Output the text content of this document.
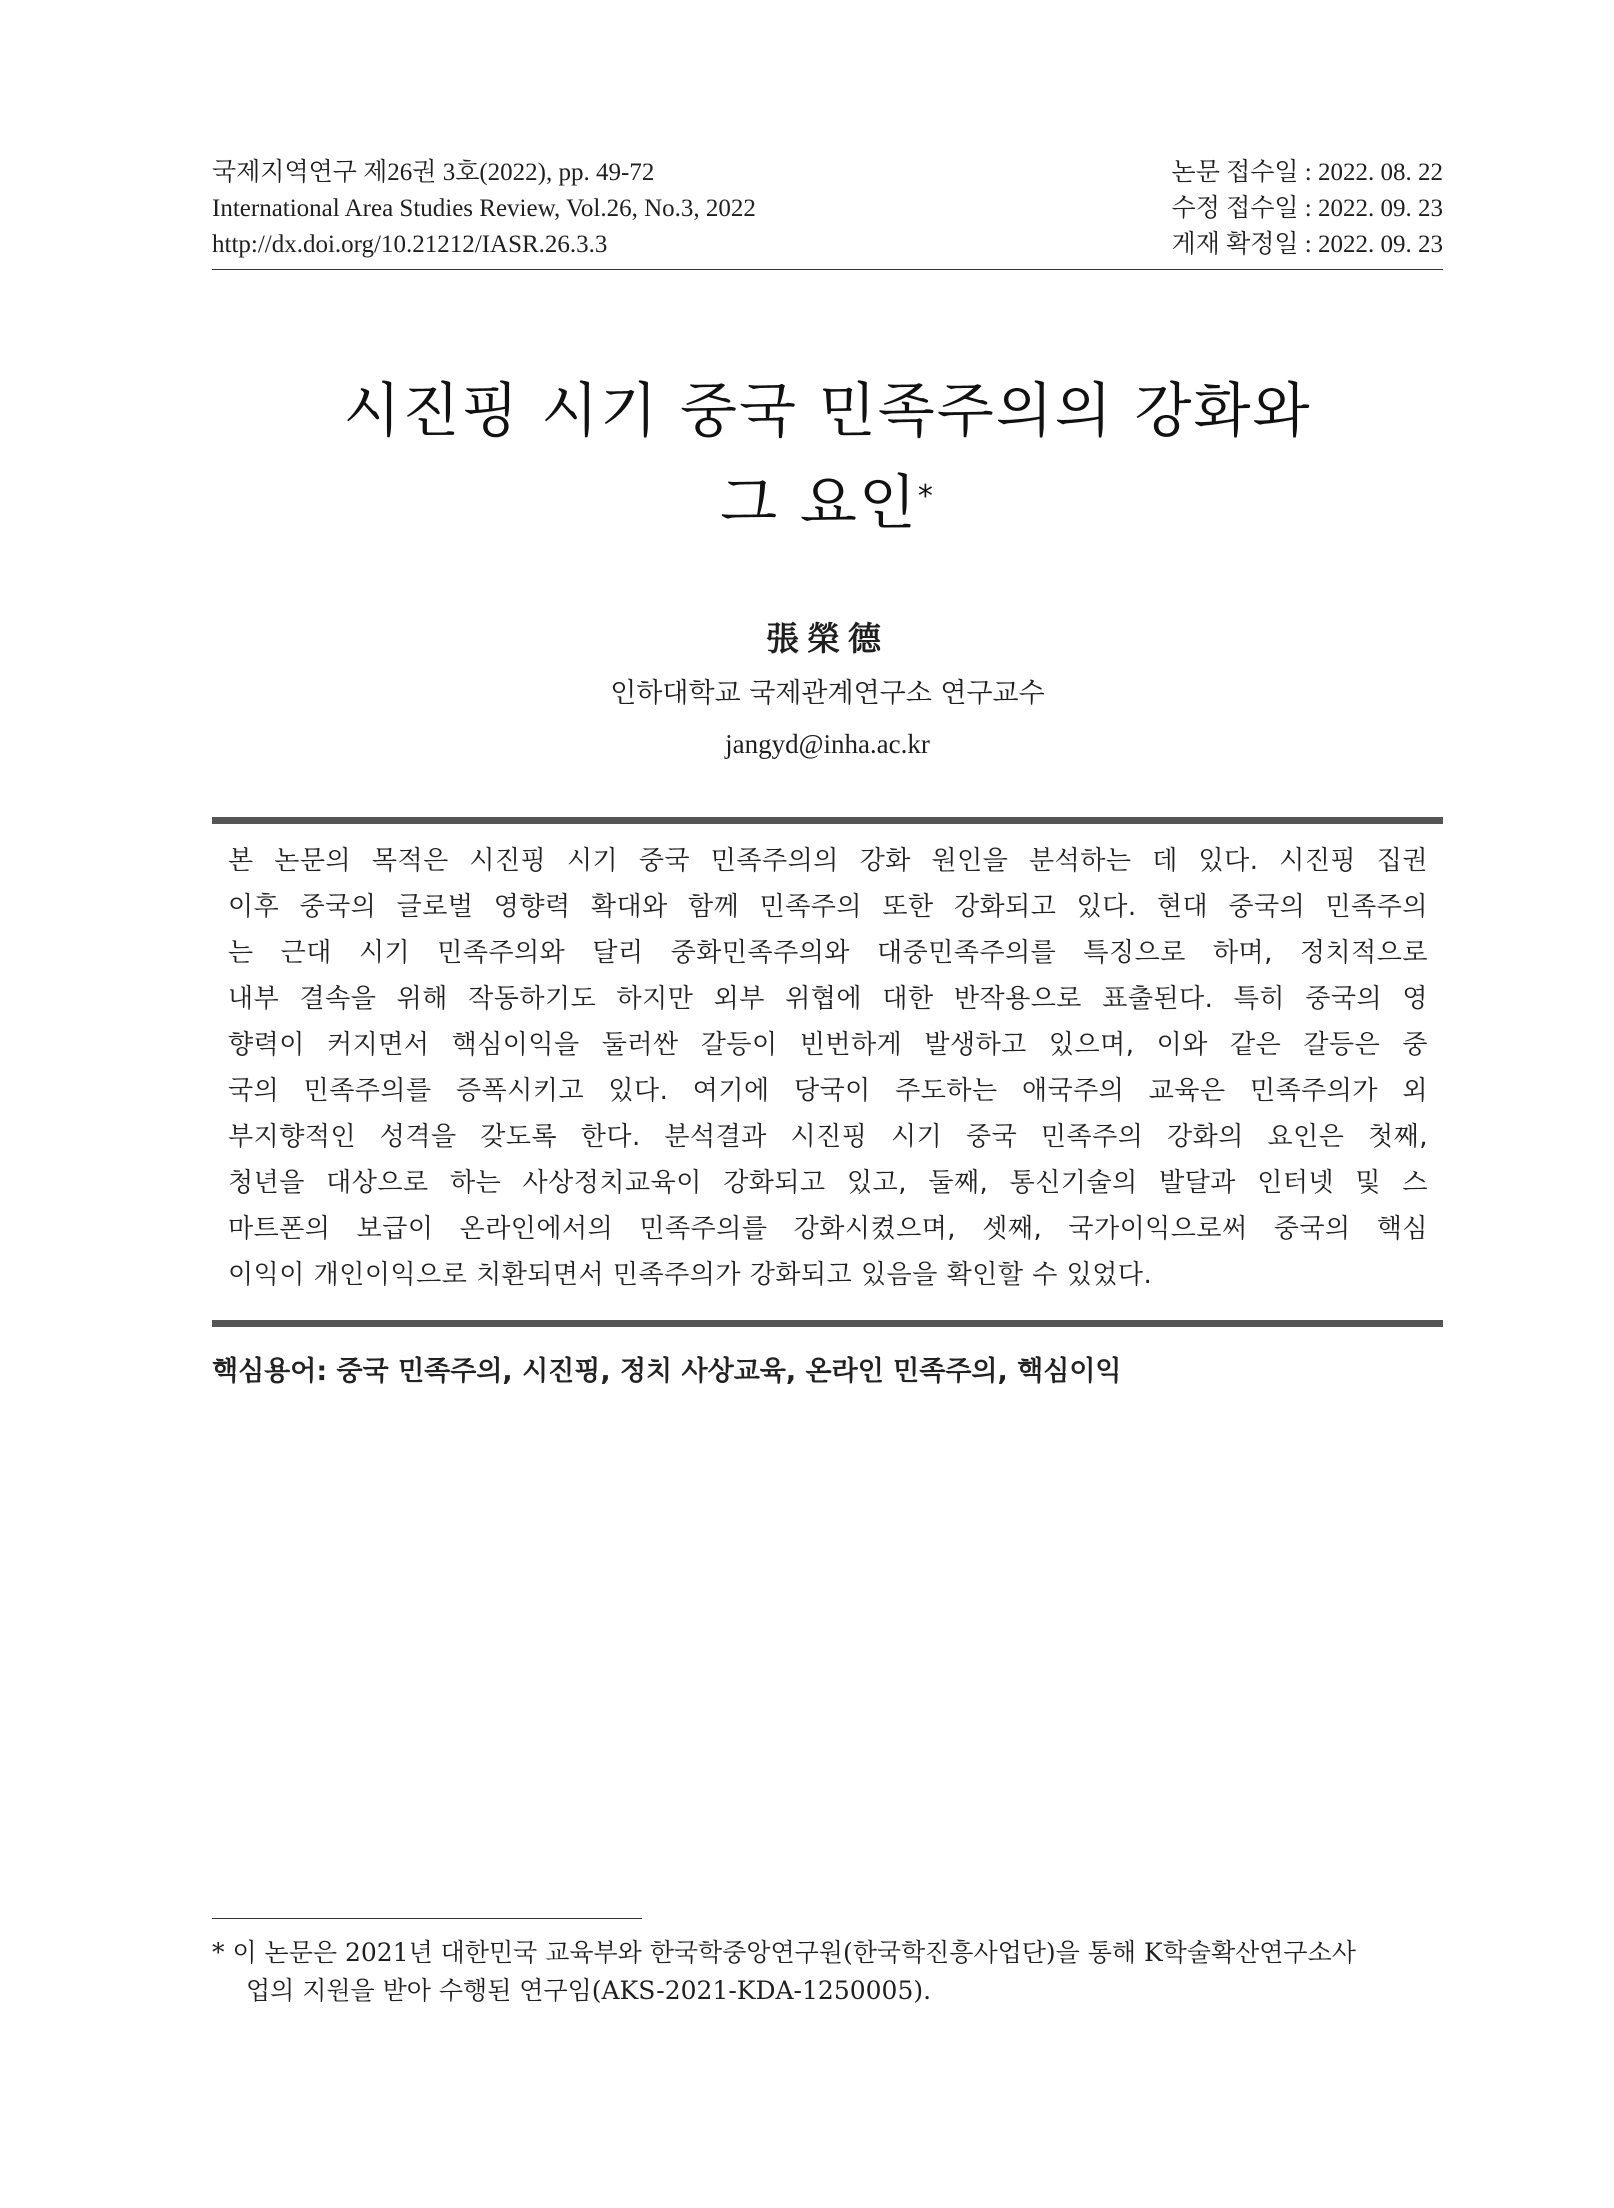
국제지역연구 제26권 3호(2022), pp. 49-72
International Area Studies Review, Vol.26, No.3, 2022
http://dx.doi.org/10.21212/IASR.26.3.3
논문 접수일 : 2022. 08. 22
수정 접수일 : 2022. 09. 23
게재 확정일 : 2022. 09. 23
시진핑 시기 중국 민족주의의 강화와
그 요인*
張榮德
인하대학교 국제관계연구소 연구교수
jangyd@inha.ac.kr
본 논문의 목적은 시진핑 시기 중국 민족주의의 강화 원인을 분석하는 데 있다. 시진핑 집권
이후 중국의 글로벌 영향력 확대와 함께 민족주의 또한 강화되고 있다. 현대 중국의 민족주의
는 근대 시기 민족주의와 달리 중화민족주의와 대중민족주의를 특징으로 하며, 정치적으로
내부 결속을 위해 작동하기도 하지만 외부 위협에 대한 반작용으로 표출된다. 특히 중국의 영
향력이 커지면서 핵심이익을 둘러싼 갈등이 빈번하게 발생하고 있으며, 이와 같은 갈등은 중
국의 민족주의를 증폭시키고 있다. 여기에 당국이 주도하는 애국주의 교육은 민족주의가 외
부지향적인 성격을 갖도록 한다. 분석결과 시진핑 시기 중국 민족주의 강화의 요인은 첫째,
청년을 대상으로 하는 사상정치교육이 강화되고 있고, 둘째, 통신기술의 발달과 인터넷 및 스
마트폰의 보급이 온라인에서의 민족주의를 강화시켰으며, 셋째, 국가이익으로써 중국의 핵심
이익이 개인이익으로 치환되면서 민족주의가 강화되고 있음을 확인할 수 있었다.
핵심용어: 중국 민족주의, 시진핑, 정치 사상교육, 온라인 민족주의, 핵심이익
* 이 논문은 2021년 대한민국 교육부와 한국학중앙연구원(한국학진흥사업단)을 통해 K학술확산연구소사
업의 지원을 받아 수행된 연구임(AKS-2021-KDA-1250005).
